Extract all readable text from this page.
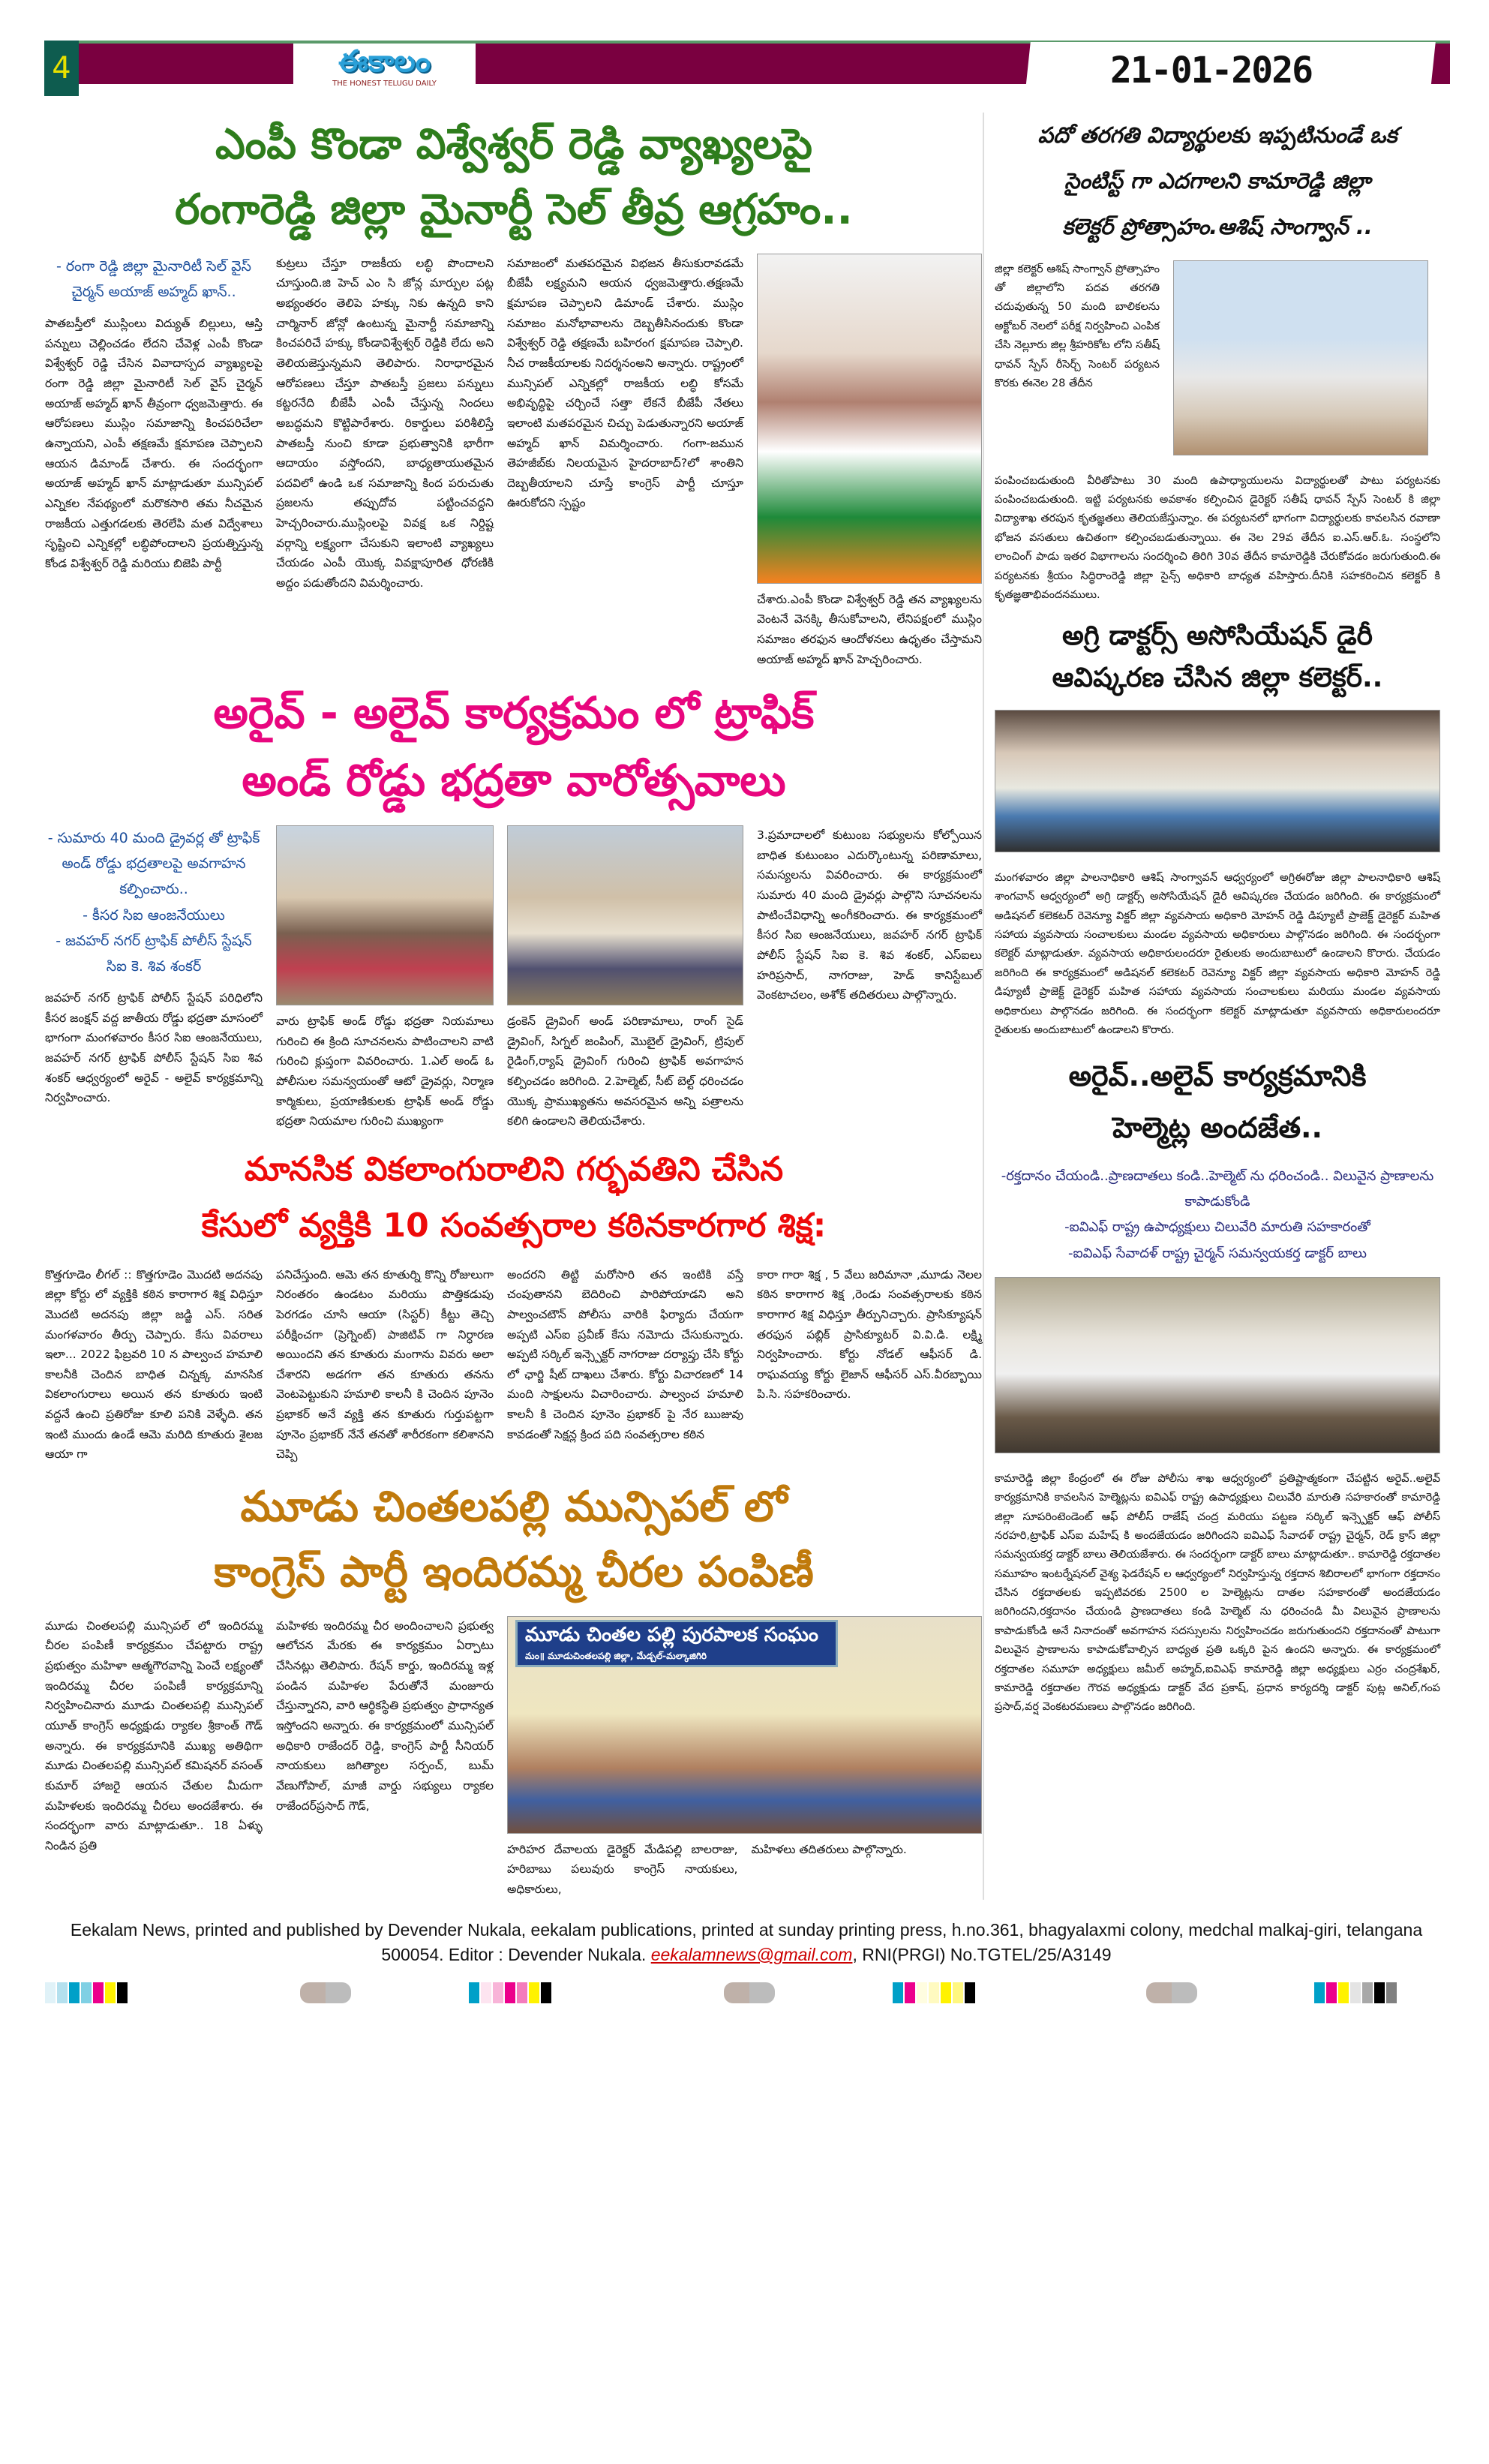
4	ఈకాలం
THE HONEST TELUGU DAILY	21-01-2026
ఎంపీ కొండా విశ్వేశ్వర్ రెడ్డి వ్యాఖ్యలపై
రంగారెడ్డి జిల్లా మైనార్టీ సెల్ తీవ్ర ఆగ్రహం..
- రంగా రెడ్డి జిల్లా మైనారిటీ సెల్ వైస్ చైర్మన్ అయాజ్ అహ్మద్ ఖాన్..
పాతబస్తీలో ముస్లింలు విద్యుత్ బిల్లులు, ఆస్తి పన్నులు చెల్లించడం లేదని చేవెళ్ల ఎంపీ కొండా విశ్వేశ్వర్ రెడ్డి చేసిన వివాదాస్పద వ్యాఖ్యలపై రంగా రెడ్డి జిల్లా మైనారిటీ సెల్ వైస్ చైర్మన్ అయాజ్ అహ్మద్ ఖాన్ తీవ్రంగా ధ్వజమెత్తారు. ఈ ఆరోపణలు ముస్లిం సమాజాన్ని కించపరిచేలా ఉన్నాయని, ఎంపీ తక్షణమే క్షమాపణ చెప్పాలని ఆయన డిమాండ్ చేశారు. ఈ సందర్భంగా అయాజ్ అహ్మద్ ఖాన్ మాట్లాడుతూ మున్సిపల్ ఎన్నికల నేపథ్యంలో మరొకసారి తమ నీచమైన రాజకీయ ఎత్తుగడలకు తెరలేపి మత విద్వేశాలు సృష్టించి ఎన్నికల్లో లబ్ధిపోందాలని ప్రయత్నిస్తున్న కోండ విశ్వేశ్వర్ రెడ్డి మరియు బిజెపి పార్టీ
కుట్రలు చేస్తూ రాజకీయ లబ్ధి పొందాలని చూస్తుంది.జి హెచ్ ఎం సి జోన్ల మార్పుల పట్ల అభ్యంతరం తెలిపె హక్కు నికు ఉన్నది కాని చార్మినార్ జోన్లో ఉంటున్న మైనార్టీ సమాజాన్ని కించపరిచే హక్కు కోండావిశ్వేశ్వర్ రెడ్డికి లేదు అని తెలియజెస్తున్నమని తెలిపారు. నిరాధారమైన ఆరోపణలు చేస్తూ పాతబస్తీ ప్రజలు పన్నులు కట్టరనేది బీజేపీ ఎంపీ చేస్తున్న నిందలు అబద్ధమని కొట్టిపారేశారు. రికార్డులు పరిశీలిస్తే పాతబస్తీ నుంచి కూడా ప్రభుత్వానికి భారీగా ఆదాయం వస్తోందని, బాధ్యతాయుతమైన పదవిలో ఉండి ఒక సమాజాన్ని కింద పరుచుతు ప్రజలను తప్పుదోవ పట్టించవద్దని హెచ్చరించారు.ముస్లింలపై వివక్ష ఒక నిర్దిష్ట వర్గాన్ని లక్ష్యంగా చేసుకుని ఇలాంటి వ్యాఖ్యలు చేయడం ఎంపీ యొక్క వివక్షాపూరిత ధోరణికి అద్దం పడుతోందని విమర్శించారు.
సమాజంలో మతపరమైన విభజన తీసుకురావడమే బీజేపీ లక్ష్యమని ఆయన ధ్వజమెత్తారు.తక్షణమే క్షమాపణ చెప్పాలని డిమాండ్ చేశారు. ముస్లిం సమాజం మనోభావాలను దెబ్బతీసినందుకు కొండా విశ్వేశ్వర్ రెడ్డి తక్షణమే బహిరంగ క్షమాపణ చెప్పాలి. నీచ రాజకీయాలకు నిదర్శనంఅని అన్నారు. రాష్ట్రంలో మున్సిపల్ ఎన్నికల్లో రాజకీయ లబ్ధి కోసమే అభివృద్ధిపై చర్చించే సత్తా లేకనే బీజేపీ నేతలు ఇలాంటి మతపరమైన చిచ్చు పెడుతున్నారని అయాజ్ అహ్మద్ ఖాన్ విమర్శించారు. గంగా-జమున తెహజీబ్‌కు నిలయమైన హైదరాబాద్?లో శాంతిని దెబ్బతీయాలని చూస్తే కాంగ్రెస్ పార్టీ చూస్తూ ఊరుకోదని స్పష్టం
చేశారు.ఎంపీ కొండా విశ్వేశ్వర్ రెడ్డి తన వ్యాఖ్యలను వెంటనే వెనక్కి తీసుకోవాలని, లేనిపక్షంలో ముస్లిం సమాజం తరఫున ఆందోళనలు ఉధృతం చేస్తామని అయాజ్ అహ్మద్ ఖాన్ హెచ్చరించారు.
అరైవ్ - అలైవ్ కార్యక్రమం లో ట్రాఫిక్
అండ్ రోడ్డు భద్రతా వారోత్సవాలు
- సుమారు 40 మంది డ్రైవర్ల తో ట్రాఫిక్ అండ్ రోడ్డు భద్రతాలపై అవగాహన కల్పించారు..
- కీసర సిఐ ఆంజనేయులు
- జవహర్ నగర్ ట్రాఫిక్ పోలీస్ స్టేషన్ సిఐ కె. శివ శంకర్
జవహర్ నగర్ ట్రాఫిక్ పోలీస్ స్టేషన్ పరిధిలోని కీసర జంక్షన్ వద్ద జాతీయ రోడ్డు భద్రతా మాసంలో భాగంగా మంగళవారం కీసర సిఐ ఆంజనేయులు, జవహర్ నగర్ ట్రాఫిక్ పోలీస్ స్టేషన్ సిఐ శివ శంకర్ ఆధ్వర్యంలో అరైవ్ - అలైవ్ కార్యక్రమాన్ని నిర్వహించారు.
వారు ట్రాఫిక్ అండ్ రోడ్డు భద్రతా నియమాలు గురించి ఈ క్రింది సూచనలను పాటించాలని వాటి గురించి క్లుప్తంగా వివరించారు. 1.ఎల్ అండ్ ఓ పోలీసుల సమన్వయంతో ఆటో డ్రైవర్లు, నిర్మాణ కార్మికులు, ప్రయాణికులకు ట్రాఫిక్ అండ్ రోడ్డు భద్రతా నియమాల గురించి ముఖ్యంగా
డ్రంకెన్ డ్రైవింగ్ అండ్ పరిణామాలు, రాంగ్ సైడ్ డ్రైవింగ్, సిగ్నల్ జంపింగ్, మొబైల్ డ్రైవింగ్, ట్రిపుల్ రైడింగ్,ర్యాష్ డ్రైవింగ్ గురించి ట్రాఫిక్ అవగాహన కల్పించడం జరిగింది. 2.హెల్మెట్, సీట్ బెల్ట్ ధరించడం యొక్క ప్రాముఖ్యతను అవసరమైన అన్ని పత్రాలను కలిగి ఉండాలని తెలియచేశారు.
3.ప్రమాదాలలో కుటుంబ సభ్యులను కోల్పోయిన బాధిత కుటుంబం ఎదుర్కొంటున్న పరిణామాలు, సమస్యలను వివరించారు. ఈ కార్యక్రమంలో సుమారు 40 మంది డ్రైవర్లు పాల్గొని సూచనలను పాటించేవిధాన్ని అంగీకరించారు. ఈ కార్యక్రమంలో కీసర సిఐ ఆంజనేయులు, జవహర్ నగర్ ట్రాఫిక్ పోలీస్ స్టేషన్ సిఐ కె. శివ శంకర్, ఎస్ఐలు హరిప్రసాద్, నాగరాజు, హెడ్ కానిస్టేబుల్ వెంకటాచలం, అశోక్ తదితరులు పాల్గొన్నారు.
మానసిక వికలాంగురాలిని గర్భవతిని చేసిన
కేసులో వ్యక్తికి 10 సంవత్సరాల కఠినకారగార శిక్ష:
కొత్తగూడెం లీగల్ :: కొత్తగూడెం మొదటి అదనపు జిల్లా కోర్టు లో వ్యక్తికి కఠిన కారాగార శిక్ష విధిస్తూ మొదటి అదనపు జిల్లా జడ్జి ఎస్. సరిత మంగళవారం తీర్పు చెప్పారు. కేసు వివరాలు ఇలా... 2022 ఫిబ్రవరి 10 న పాల్వంచ హమాలి కాలనీకి చెందిన బాధిత చిన్నక్క మానసిక వికలాంగురాలు అయిన తన కూతురు ఇంటి వద్దనే ఉంచి ప్రతిరోజు కూలి పనికి వెళ్ళేది. తన ఇంటి ముందు ఉండే ఆమె మరిది కూతురు శైలజ ఆయా గా
పనిచేస్తుంది. ఆమె తన కూతుర్ని కొన్ని రోజులుగా నిరంతరం ఉండటం మరియు పొత్తికడుపు పెరగడం చూసి ఆయా (సిస్టర్) కీట్టు తెచ్చి పరీక్షించగా (ప్రెగ్నెంట్) పాజిటివ్ గా నిర్ధారణ అయిందని తన కూతురు మంగాను వివరు అలా చేశారని అడగగా తన కూతురు తనను వెంటపెట్టుకుని హమాలి కాలనీ కి చెందిన పూనెం ప్రభాకర్ అనే వ్యక్తి తన కూతురు గుర్తుపట్టగా పూనెం ప్రభాకర్ నేనే తనతో శారీరకంగా కలిశానని చెప్పి
అందరని తిట్టి మరోసారి తన ఇంటికి వస్తే చంపుతానని బెదిరించి పారిపోయాడని అని పాల్వంచటౌన్ పోలీసు వారికి ఫిర్యాదు చేయగా అప్పటి ఎస్ఐ ప్రవీణ్ కేసు నమోదు చేసుకున్నారు. అప్పటి సర్కిల్ ఇన్స్పెక్టర్ నాగరాజు దర్యాప్తు చేసి కోర్టు లో ఛార్జి షీట్ దాఖలు చేశారు. కోర్టు విచారణలో 14 మంది సాక్షులను విచారించారు. పాల్వంచ హమాలి కాలనీ కి చెందిన పూనెం ప్రభాకర్ పై నేర ఋజువు కావడంతో సెక్షన్ల క్రింద పది సంవత్సరాల కఠిన
కారా గారా శిక్ష , 5 వేలు జరిమానా ,మూడు నెలల కఠిన కారాగార శిక్ష ,రెండు సంవత్సరాలకు కఠిన కారాగార శిక్ష విధిస్తూ తీర్పునిచ్చారు. ప్రాసిక్యూషన్ తరఫున పబ్లిక్ ప్రాసిక్యూటర్ వి.వి.డి. లక్ష్మి నిర్వహించారు. కోర్టు నోడల్ ఆఫీసర్ డి. రాఘవయ్య కోర్టు లైజాన్ ఆఫీసర్ ఎస్.వీరబ్బాయి పి.సి. సహకరించారు.
మూడు చింతలపల్లి మున్సిపల్ లో
కాంగ్రెస్ పార్టీ ఇందిరమ్మ చీరల పంపిణీ
మూడు చింతలపల్లి మున్సిపల్ లో ఇందిరమ్మ చీరల పంపిణీ కార్యక్రమం చేపట్టారు రాష్ట్ర ప్రభుత్వం మహిళా ఆత్మగౌరవాన్ని పెంచే లక్ష్యంతో ఇందిరమ్మ చీరల పంపిణీ కార్యక్రమాన్ని నిర్వహించినారు మూడు చింతలపల్లి మున్సిపల్ యూత్ కాంగ్రెస్ అధ్యక్షుడు ర్యాకల శ్రీకాంత్ గౌడ్ అన్నారు. ఈ కార్యక్రమానికి ముఖ్య అతిథిగా మూడు చింతలపల్లి మున్సిపల్ కమిషనర్ వసంత్ కుమార్ హాజరై ఆయన చేతుల మీదుగా మహిళలకు ఇందిరమ్మ చీరలు అందజేశారు. ఈ సందర్భంగా వారు మాట్లాడుతూ.. 18 ఏళ్ళు నిండిన ప్రతి
మహిళకు ఇందిరమ్మ చీర అందించాలని ప్రభుత్వ ఆలోచన మేరకు ఈ కార్యక్రమం ఏర్పాటు చేసినట్లు తెలిపారు. రేషన్ కార్డు, ఇందిరమ్మ ఇళ్ల పండిన మహిళల పేరుతోనే మంజూరు చేస్తున్నారని, వారి ఆర్థికస్థితి ప్రభుత్వం ప్రాధాన్యత ఇస్తోందని అన్నారు. ఈ కార్యక్రమంలో మున్సిపల్ అధికారి రాజేందర్ రెడ్డి, కాంగ్రెస్ పార్టీ సీనియర్ నాయకులు జగిత్యాల సర్పంచ్, బుమ్ వేణుగోపాల్, మాజీ వార్డు సభ్యులు ర్యాకల రాజేందర్‌ప్రసాద్ గౌడ్,
మూడు చింతల పల్లి పురపాలక సంఘం
మం॥ మూడుచింతలపల్లి జిల్లా, మేడ్చల్-మల్కాజిగిరి
హరిహర దేవాలయ డైరెక్టర్ మేడిపల్లి బాలరాజు, హరిబాబు పలువురు కాంగ్రెస్ నాయకులు, అధికారులు,
మహిళలు తదితరులు పాల్గొన్నారు.
పదో తరగతి విద్యార్థులకు ఇప్పటినుండే ఒక
సైంటిస్ట్ గా ఎదగాలని కామారెడ్డి జిల్లా
కలెక్టర్ ప్రోత్సాహం.ఆశిష్ సాంగ్వాన్ ..
జిల్లా కలెక్టర్ ఆశిష్ సాంగ్వాన్ ప్రోత్సాహం తో జిల్లాలోని పదవ తరగతి చదువుతున్న 50 మంది బాలికలను అక్టోబర్ నెలలో పరీక్ష నిర్వహించి ఎంపిక చేసి నెల్లూరు జిల్ల శ్రీహరికోట లోని సతీష్ ధావన్ స్పేస్ రీసెర్చ్ సెంటర్ పర్యటన కొరకు ఈనెల 28 తేదీన
పంపించబడుతుంది వీరితోపాటు 30 మంది ఉపాధ్యాయులను విద్యార్థులతో పాటు పర్యటనకు పంపించబడుతుంది. ఇట్టి పర్యటనకు అవకాశం కల్పించిన డైరెక్టర్ సతీష్ ధావన్ స్పేస్ సెంటర్ కి జిల్లా విద్యాశాఖ తరపున కృతజ్ఞతలు తెలియజేస్తున్నాం. ఈ పర్యటనలో భాగంగా విద్యార్థులకు కావలసిన రవాణా భోజన వసతులు ఉచితంగా కల్పించబడుతున్నాయి. ఈ నెల 29వ తేదీన ఐ.ఎస్.ఆర్.ఓ. సంస్థలోని లాంచింగ్ పాడు ఇతర విభాగాలను సందర్శించి తిరిగి 30వ తేదీన కామారెడ్డికి చేరుకోవడం జరుగుతుంది.ఈ పర్యటనకు శ్రీయం సిద్ధిరాంరెడ్డి జిల్లా సైన్స్ అధికారి బాధ్యత వహిస్తారు.దీనికి సహకరించిన కలెక్టర్ కి కృతజ్ఞతాభివందనములు.
అగ్రి డాక్టర్స్ అసోసియేషన్ డైరీ
ఆవిష్కరణ చేసిన జిల్లా కలెక్టర్..
మంగళవారం జిల్లా పాలనాధికారి ఆశిష్ సాంగ్వావన్ ఆధ్వర్యంలో అగ్రిఈరోజు జిల్లా పాలనాధికారి ఆశిష్ శాంగవాన్ ఆధ్వర్యంలో అగ్రి డాక్టర్స్ అసోసియేషన్ డైరీ ఆవిష్కరణ చేయడం జరిగింది. ఈ కార్యక్రమంలో అడిషనల్ కలెకటర్ రెవెన్యూ విక్టర్ జిల్లా వ్యవసాయ అధికారి మోహన్ రెడ్డి డిప్యూటీ ప్రాజెక్ట్ డైరెక్టర్ మహిత సహాయ వ్యవసాయ సంచాలకులు మండల వ్యవసాయ అధికారులు పాల్గొనడం జరిగింది. ఈ సందర్భంగా కలెక్టర్ మాట్లాడుతూ. వ్యవసాయ అధికారులందరూ రైతులకు అందుబాటులో ఉండాలని కొరారు. చేయడం జరిగింది ఈ కార్యక్రమంలో అడిషనల్ కలెకటర్ రెవెన్యూ విక్టర్ జిల్లా వ్యవసాయ అధికారి మోహన్ రెడ్డి డిప్యూటీ ప్రాజెక్ట్ డైరెక్టర్ మహిత సహాయ వ్యవసాయ సంచాలకులు మరియు మండల వ్యవసాయ అధికారులు పాల్గొనడం జరిగింది. ఈ సందర్భంగా కలెక్టర్ మాట్లాడుతూ వ్యవసాయ అధికారులందరూ రైతులకు అందుబాటులో ఉండాలని కొరారు.
అరైవ్..అలైవ్ కార్యక్రమానికి
హెల్మెట్ల అందజేత..
-రక్తదానం చేయండి..ప్రాణదాతలు కండి..హెల్మెట్ ను ధరించండి.. విలువైన ప్రాణాలను కాపాడుకోండి
-ఐవిఎఫ్ రాష్ట్ర ఉపాధ్యక్షులు చిలువేరి మారుతి సహకారంతో
-ఐవిఎఫ్ సేవాదళ్ రాష్ట్ర చైర్మన్ సమన్వయకర్త డాక్టర్ బాలు
కామారెడ్డి జిల్లా కేంద్రంలో ఈ రోజు పోలీసు శాఖ ఆధ్వర్యంలో ప్రతిష్టాత్మకంగా చేపట్టిన అరైవ్..అలైవ్ కార్యక్రమానికి కావలసిన హెల్మెట్లను ఐవిఎఫ్ రాష్ట్ర ఉపాధ్యక్షులు చిలువేరి మారుతి సహకారంతో కామారెడ్డి జిల్లా సూపరింటెండెంట్ ఆఫ్ పోలీస్ రాజేష్ చంద్ర మరియు పట్టణ సర్కిల్ ఇన్స్పెక్టర్ ఆఫ్ పోలీస్ నరహరి,ట్రాఫిక్ ఎస్ఐ మహేష్ కి అందజేయడం జరిగిందని ఐవిఎఫ్ సేవాదళ్ రాష్ట్ర చైర్మన్, రెడ్ క్రాస్ జిల్లా సమన్వయకర్త డాక్టర్ బాలు తెలియజేశారు. ఈ సందర్భంగా డాక్టర్ బాలు మాట్లాడుతూ.. కామారెడ్డి రక్తదాతల సమూహం ఇంటర్నేషనల్ వైశ్య ఫెడరేషన్ ల ఆధ్వర్యంలో నిర్వహిస్తున్న రక్తదాన శిబిరాలలో భాగంగా రక్తదానం చేసిన రక్తదాతలకు ఇప్పటివరకు 2500 ల హెల్మెట్లను దాతల సహకారంతో అందజేయడం జరిగిందని,రక్తదానం చేయండి ప్రాణదాతలు కండి హెల్మెట్ ను ధరించండి మీ విలువైన ప్రాణాలను కాపాడుకోండి అనే నినాదంతో అవగాహన సదస్సులను నిర్వహించడం జరుగుతుందని రక్తదానంతో పాటుగా విలువైన ప్రాణాలను కాపాడుకోవాల్సిన బాధ్యత ప్రతి ఒక్కరి పైన ఉందని అన్నారు. ఈ కార్యక్రమంలో రక్తదాతల సమూహ అధ్యక్షులు జమీల్ అహ్మద్,ఐవిఎఫ్ కామారెడ్డి జిల్లా అధ్యక్షులు ఎర్రం చంద్రశేఖర్, కామారెడ్డి రక్తదాతల గౌరవ అధ్యక్షుడు డాక్టర్ వేద ప్రకాష్, ప్రధాన కార్యదర్శి డాక్టర్ పుట్ల అనిల్,గంప ప్రసాద్,వర్ష వెంకటరమణలు పాల్గొనడం జరిగింది.
Eekalam News, printed and published by Devender Nukala, eekalam publications, printed at sunday printing press, h.no.361, bhagyalaxmi colony, medchal malkaj-giri, telangana 500054. Editor : Devender Nukala. eekalamnews@gmail.com, RNI(PRGI) No.TGTEL/25/A3149
